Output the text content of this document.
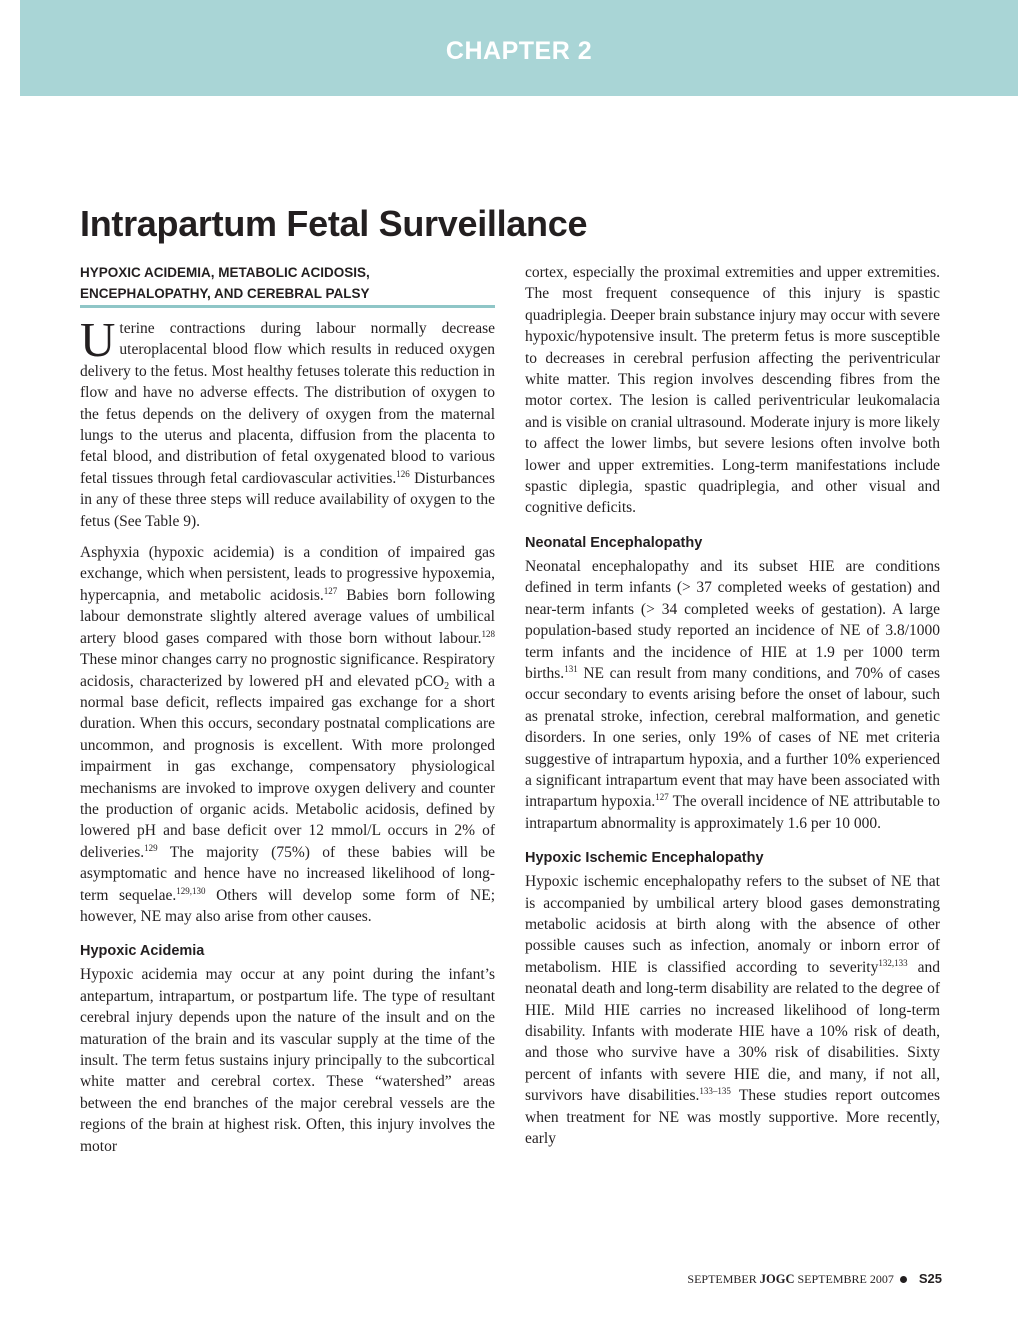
CHAPTER 2
Intrapartum Fetal Surveillance
HYPOXIC ACIDEMIA, METABOLIC ACIDOSIS, ENCEPHALOPATHY, AND CEREBRAL PALSY

Uterine contractions during labour normally decrease uteroplacental blood flow which results in reduced oxygen delivery to the fetus. Most healthy fetuses tolerate this reduction in flow and have no adverse effects. The distribution of oxygen to the fetus depends on the delivery of oxygen from the maternal lungs to the uterus and placenta, diffusion from the placenta to fetal blood, and distribution of fetal oxygenated blood to various fetal tissues through fetal cardiovascular activities.$^{126}$ Disturbances in any of these three steps will reduce availability of oxygen to the fetus (See Table 9).

Asphyxia (hypoxic acidemia) is a condition of impaired gas exchange, which when persistent, leads to progressive hypoxemia, hypercapnia, and metabolic acidosis.$^{127}$ Babies born following labour demonstrate slightly altered average values of umbilical artery blood gases compared with those born without labour.$^{128}$ These minor changes carry no prognostic significance. Respiratory acidosis, characterized by lowered pH and elevated pCO$_2$ with a normal base deficit, reflects impaired gas exchange for a short duration. When this occurs, secondary postnatal complications are uncommon, and prognosis is excellent. With more prolonged impairment in gas exchange, compensatory physiological mechanisms are invoked to improve oxygen delivery and counter the production of organic acids. Metabolic acidosis, defined by lowered pH and base deficit over 12 mmol/L occurs in 2% of deliveries.$^{129}$ The majority (75%) of these babies will be asymptomatic and hence have no increased likelihood of long-term sequelae.$^{129,130}$ Others will develop some form of NE; however, NE may also arise from other causes.

Hypoxic Acidemia

Hypoxic acidemia may occur at any point during the infant’s antepartum, intrapartum, or postpartum life. The type of resultant cerebral injury depends upon the nature of the insult and on the maturation of the brain and its vascular supply at the time of the insult. The term fetus sustains injury principally to the subcortical white matter and cerebral cortex. These “watershed” areas between the end branches of the major cerebral vessels are the regions of the brain at highest risk. Often, this injury involves the motor

cortex, especially the proximal extremities and upper extremities. The most frequent consequence of this injury is spastic quadriplegia. Deeper brain substance injury may occur with severe hypoxic/hypotensive insult. The preterm fetus is more susceptible to decreases in cerebral perfusion affecting the periventricular white matter. This region involves descending fibres from the motor cortex. The lesion is called periventricular leukomalacia and is visible on cranial ultrasound. Moderate injury is more likely to affect the lower limbs, but severe lesions often involve both lower and upper extremities. Long-term manifestations include spastic diplegia, spastic quadriplegia, and other visual and cognitive deficits.

Neonatal Encephalopathy

Neonatal encephalopathy and its subset HIE are conditions defined in term infants (> 37 completed weeks of gestation) and near-term infants (> 34 completed weeks of gestation). A large population-based study reported an incidence of NE of 3.8/1000 term infants and the incidence of HIE at 1.9 per 1000 term births.$^{131}$ NE can result from many conditions, and 70% of cases occur secondary to events arising before the onset of labour, such as prenatal stroke, infection, cerebral malformation, and genetic disorders. In one series, only 19% of cases of NE met criteria suggestive of intrapartum hypoxia, and a further 10% experienced a significant intrapartum event that may have been associated with intrapartum hypoxia.$^{127}$ The overall incidence of NE attributable to intrapartum abnormality is approximately 1.6 per 10 000.

Hypoxic Ischemic Encephalopathy

Hypoxic ischemic encephalopathy refers to the subset of NE that is accompanied by umbilical artery blood gases demonstrating metabolic acidosis at birth along with the absence of other possible causes such as infection, anomaly or inborn error of metabolism. HIE is classified according to severity$^{132,133}$ and neonatal death and long-term disability are related to the degree of HIE. Mild HIE carries no increased likelihood of long-term disability. Infants with moderate HIE have a 10% risk of death, and those who survive have a 30% risk of disabilities. Sixty percent of infants with severe HIE die, and many, if not all, survivors have disabilities.$^{133-135}$ These studies report outcomes when treatment for NE was mostly supportive. More recently, early

SEPTEMBER JOGC SEPTEMBRE 2007 S25
